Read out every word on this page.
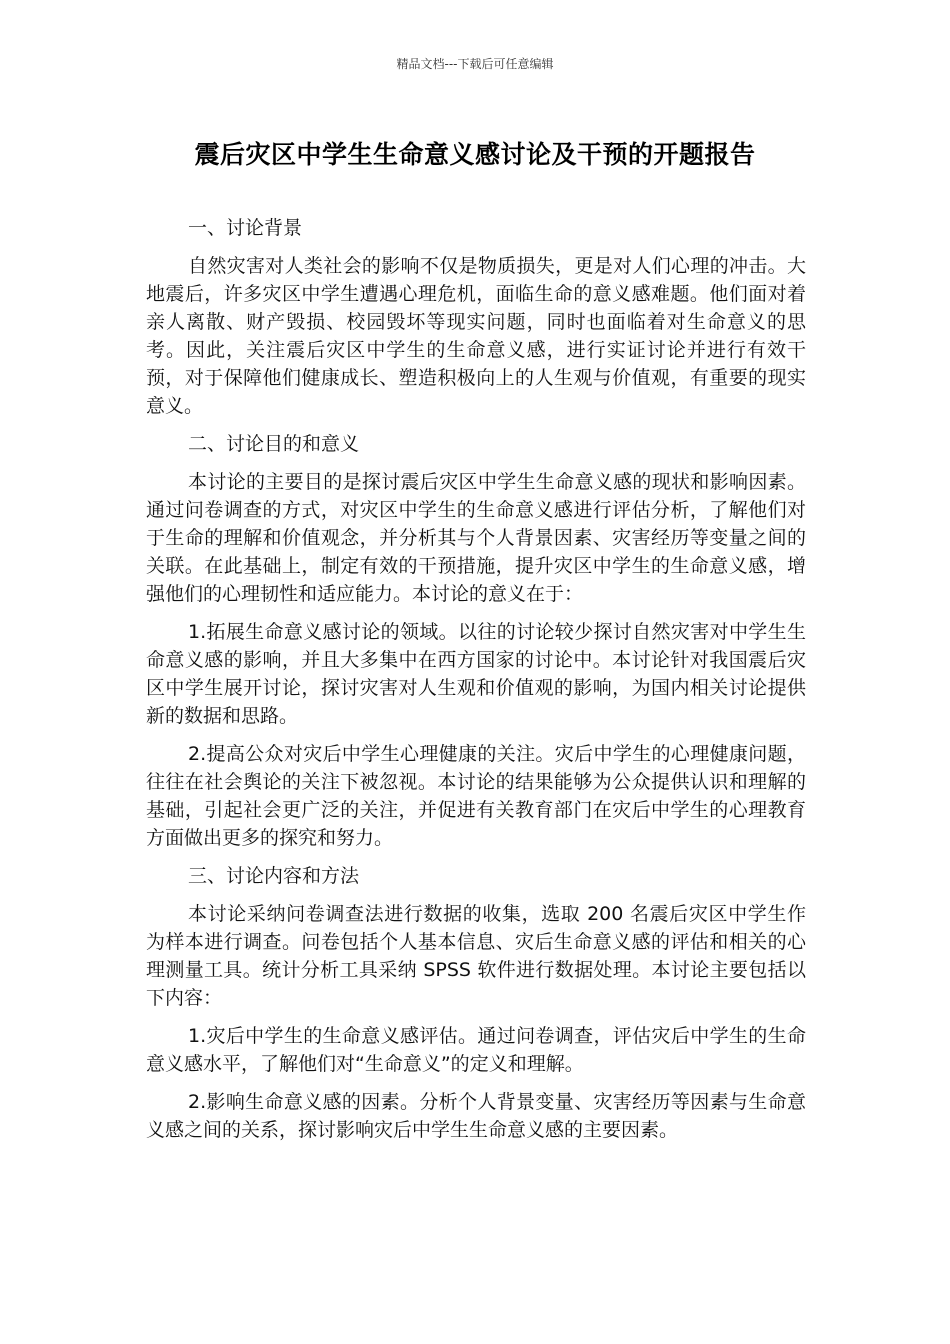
精品文档---下载后可任意编辑
震后灾区中学生生命意义感讨论及干预的开题报告

一、讨论背景

自然灾害对人类社会的影响不仅是物质损失，更是对人们心理的冲击。大地震后，许多灾区中学生遭遇心理危机，面临生命的意义感难题。他们面对着亲人离散、财产毁损、校园毁坏等现实问题，同时也面临着对生命意义的思考。因此，关注震后灾区中学生的生命意义感，进行实证讨论并进行有效干预，对于保障他们健康成长、塑造积极向上的人生观与价值观，有重要的现实意义。

二、讨论目的和意义

本讨论的主要目的是探讨震后灾区中学生生命意义感的现状和影响因素。通过问卷调查的方式，对灾区中学生的生命意义感进行评估分析，了解他们对于生命的理解和价值观念，并分析其与个人背景因素、灾害经历等变量之间的关联。在此基础上，制定有效的干预措施，提升灾区中学生的生命意义感，增强他们的心理韧性和适应能力。本讨论的意义在于：

1.拓展生命意义感讨论的领域。以往的讨论较少探讨自然灾害对中学生生命意义感的影响，并且大多集中在西方国家的讨论中。本讨论针对我国震后灾区中学生展开讨论，探讨灾害对人生观和价值观的影响，为国内相关讨论提供新的数据和思路。

2.提高公众对灾后中学生心理健康的关注。灾后中学生的心理健康问题，往往在社会舆论的关注下被忽视。本讨论的结果能够为公众提供认识和理解的基础，引起社会更广泛的关注，并促进有关教育部门在灾后中学生的心理教育方面做出更多的探究和努力。

三、讨论内容和方法

本讨论采纳问卷调查法进行数据的收集，选取 200 名震后灾区中学生作为样本进行调查。问卷包括个人基本信息、灾后生命意义感的评估和相关的心理测量工具。统计分析工具采纳 SPSS 软件进行数据处理。本讨论主要包括以下内容：

1.灾后中学生的生命意义感评估。通过问卷调查，评估灾后中学生的生命意义感水平，了解他们对“生命意义”的定义和理解。

2.影响生命意义感的因素。分析个人背景变量、灾害经历等因素与生命意义感之间的关系，探讨影响灾后中学生生命意义感的主要因素。
